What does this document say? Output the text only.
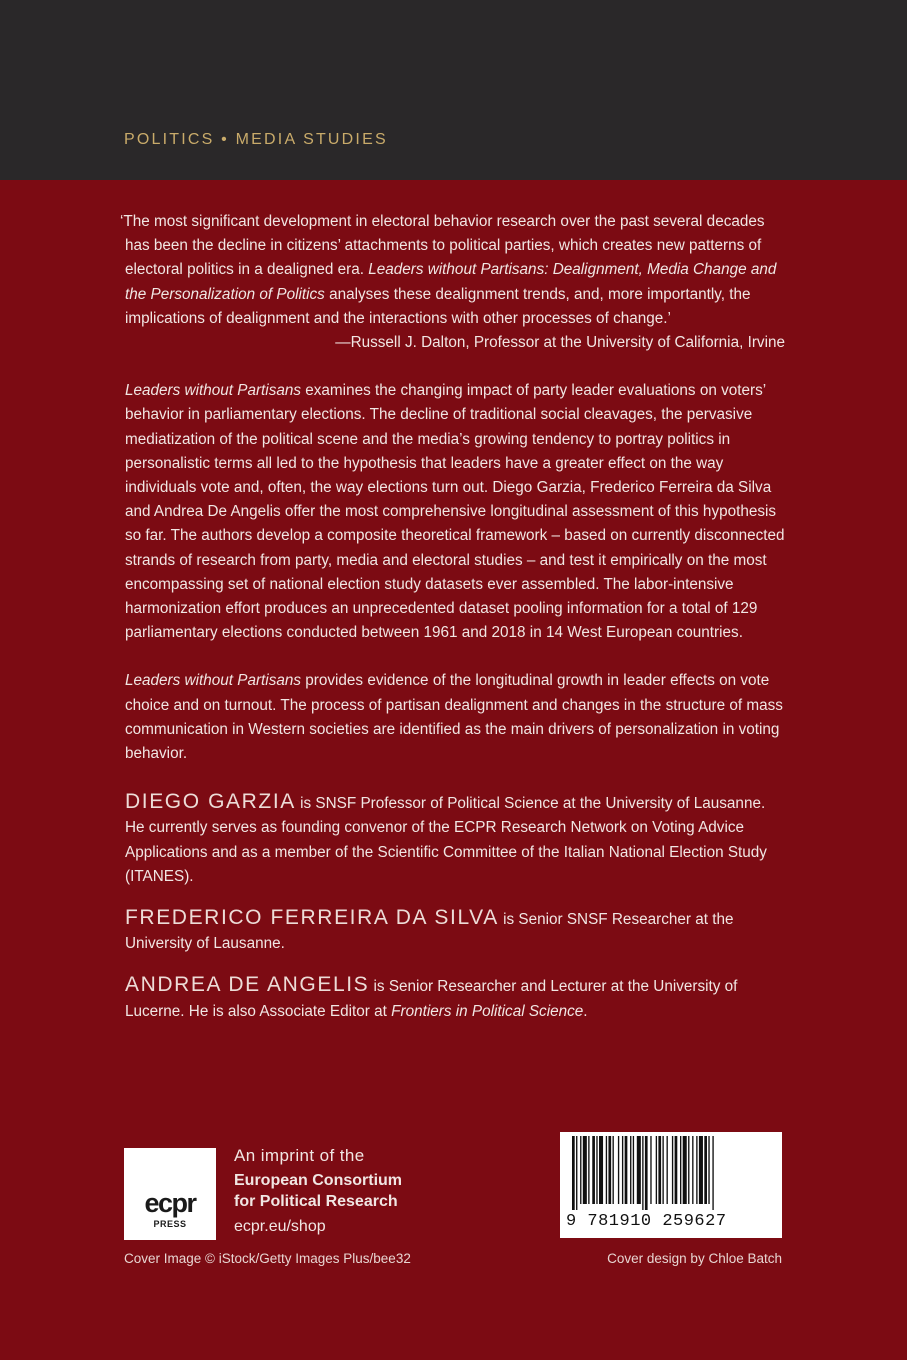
POLITICS • MEDIA STUDIES

‘The most significant development in electoral behavior research over the past several decades has been the decline in citizens’ attachments to political parties, which creates new patterns of electoral politics in a dealigned era. Leaders without Partisans: Dealignment, Media Change and the Personalization of Politics analyses these dealignment trends, and, more importantly, the implications of dealignment and the interactions with other processes of change.’

—Russell J. Dalton, Professor at the University of California, Irvine

Leaders without Partisans examines the changing impact of party leader evaluations on voters’ behavior in parliamentary elections. The decline of traditional social cleavages, the pervasive mediatization of the political scene and the media’s growing tendency to portray politics in personalistic terms all led to the hypothesis that leaders have a greater effect on the way individuals vote and, often, the way elections turn out. Diego Garzia, Frederico Ferreira da Silva and Andrea De Angelis offer the most comprehensive longitudinal assessment of this hypothesis so far. The authors develop a composite theoretical framework – based on currently disconnected strands of research from party, media and electoral studies – and test it empirically on the most encompassing set of national election study datasets ever assembled. The labor-intensive harmonization effort produces an unprecedented dataset pooling information for a total of 129 parliamentary elections conducted between 1961 and 2018 in 14 West European countries.

Leaders without Partisans provides evidence of the longitudinal growth in leader effects on vote choice and on turnout. The process of partisan dealignment and changes in the structure of mass communication in Western societies are identified as the main drivers of personalization in voting behavior.

DIEGO GARZIA is SNSF Professor of Political Science at the University of Lausanne. He currently serves as founding convenor of the ECPR Research Network on Voting Advice Applications and as a member of the Scientific Committee of the Italian National Election Study (ITANES).

FREDERICO FERREIRA DA SILVA is Senior SNSF Researcher at the University of Lausanne.

ANDREA DE ANGELIS is Senior Researcher and Lecturer at the University of Lucerne. He is also Associate Editor at Frontiers in Political Science.

ecpr
PRESS
An imprint of the
European Consortium
for Political Research
ecpr.eu/shop	9 781910 259627
Cover Image © iStock/Getty Images Plus/bee32	Cover design by Chloe Batch
